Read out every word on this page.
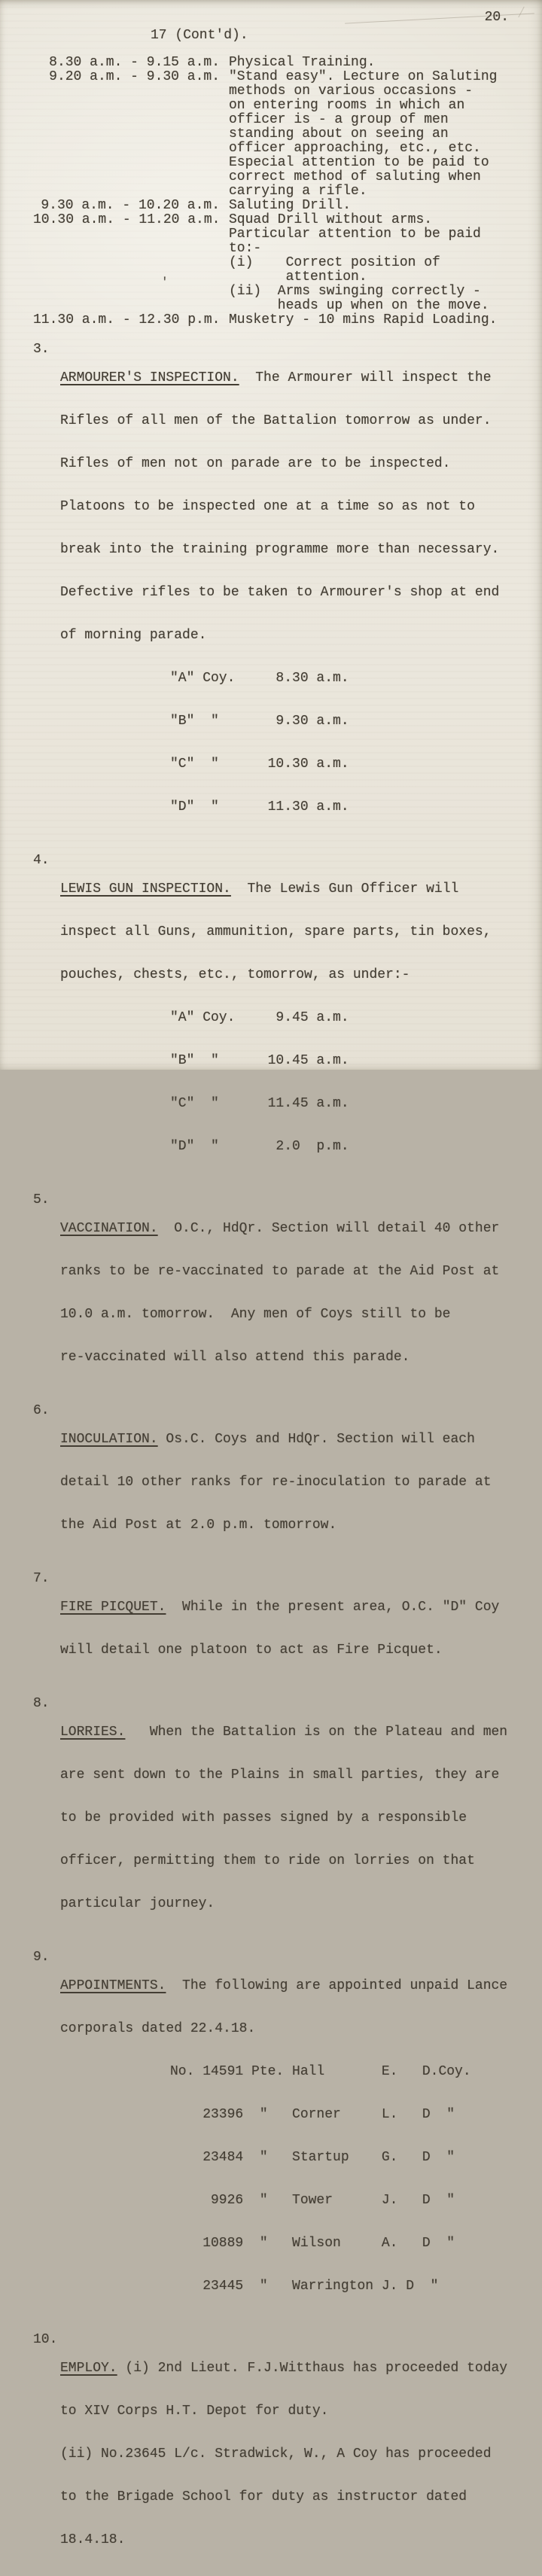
20.
17 (Cont'd).
'
8.30 a.m. - 9.15 a.m. Physical Training.
9.20 a.m. - 9.30 a.m. "Stand easy". Lecture on Saluting
methods on various occasions -
on entering rooms in which an
officer is - a group of men
standing about on seeing an
officer approaching, etc., etc.
Especial attention to be paid to
correct method of saluting when
carrying a rifle.
9.30 a.m. - 10.20 a.m. Saluting Drill.
10.30 a.m. - 11.20 a.m. Squad Drill without arms.
Particular attention to be paid
to:-
(i)    Correct position of
attention.
(ii)  Arms swinging correctly -
heads up when on the move.
11.30 a.m. - 12.30 p.m. Musketry - 10 mins Rapid Loading.
3.

ARMOURER'S INSPECTION.  The Armourer will inspect the

Rifles of all men of the Battalion tomorrow as under.

Rifles of men not on parade are to be inspected.

Platoons to be inspected one at a time so as not to

break into the training programme more than necessary.

Defective rifles to be taken to Armourer's shop at end

of morning parade.

"A" Coy.     8.30 a.m.

"B"  "       9.30 a.m.

"C"  "      10.30 a.m.

"D"  "      11.30 a.m.

4.

LEWIS GUN INSPECTION.  The Lewis Gun Officer will

inspect all Guns, ammunition, spare parts, tin boxes,

pouches, chests, etc., tomorrow, as under:-

"A" Coy.     9.45 a.m.

"B"  "      10.45 a.m.

"C"  "      11.45 a.m.

"D"  "       2.0  p.m.

5.

VACCINATION.  O.C., HdQr. Section will detail 40 other

ranks to be re-vaccinated to parade at the Aid Post at

10.0 a.m. tomorrow.  Any men of Coys still to be

re-vaccinated will also attend this parade.

6.

INOCULATION. Os.C. Coys and HdQr. Section will each

detail 10 other ranks for re-inoculation to parade at

the Aid Post at 2.0 p.m. tomorrow.

7.

FIRE PICQUET.  While in the present area, O.C. "D" Coy

will detail one platoon to act as Fire Picquet.

8.

LORRIES.   When the Battalion is on the Plateau and men

are sent down to the Plains in small parties, they are

to be provided with passes signed by a responsible

officer, permitting them to ride on lorries on that

particular journey.

9.

APPOINTMENTS.  The following are appointed unpaid Lance

corporals dated 22.4.18.

No. 14591 Pte. Hall       E.   D.Coy.

23396  "   Corner     L.   D  "

23484  "   Startup    G.   D  "

9926  "   Tower      J.   D  "

10889  "   Wilson     A.   D  "

23445  "   Warrington J. D  "

10.

EMPLOY. (i) 2nd Lieut. F.J.Witthaus has proceeded today

to XIV Corps H.T. Depot for duty.

(ii) No.23645 L/c. Stradwick, W., A Coy has proceeded

to the Brigade School for duty as instructor dated

18.4.18.
